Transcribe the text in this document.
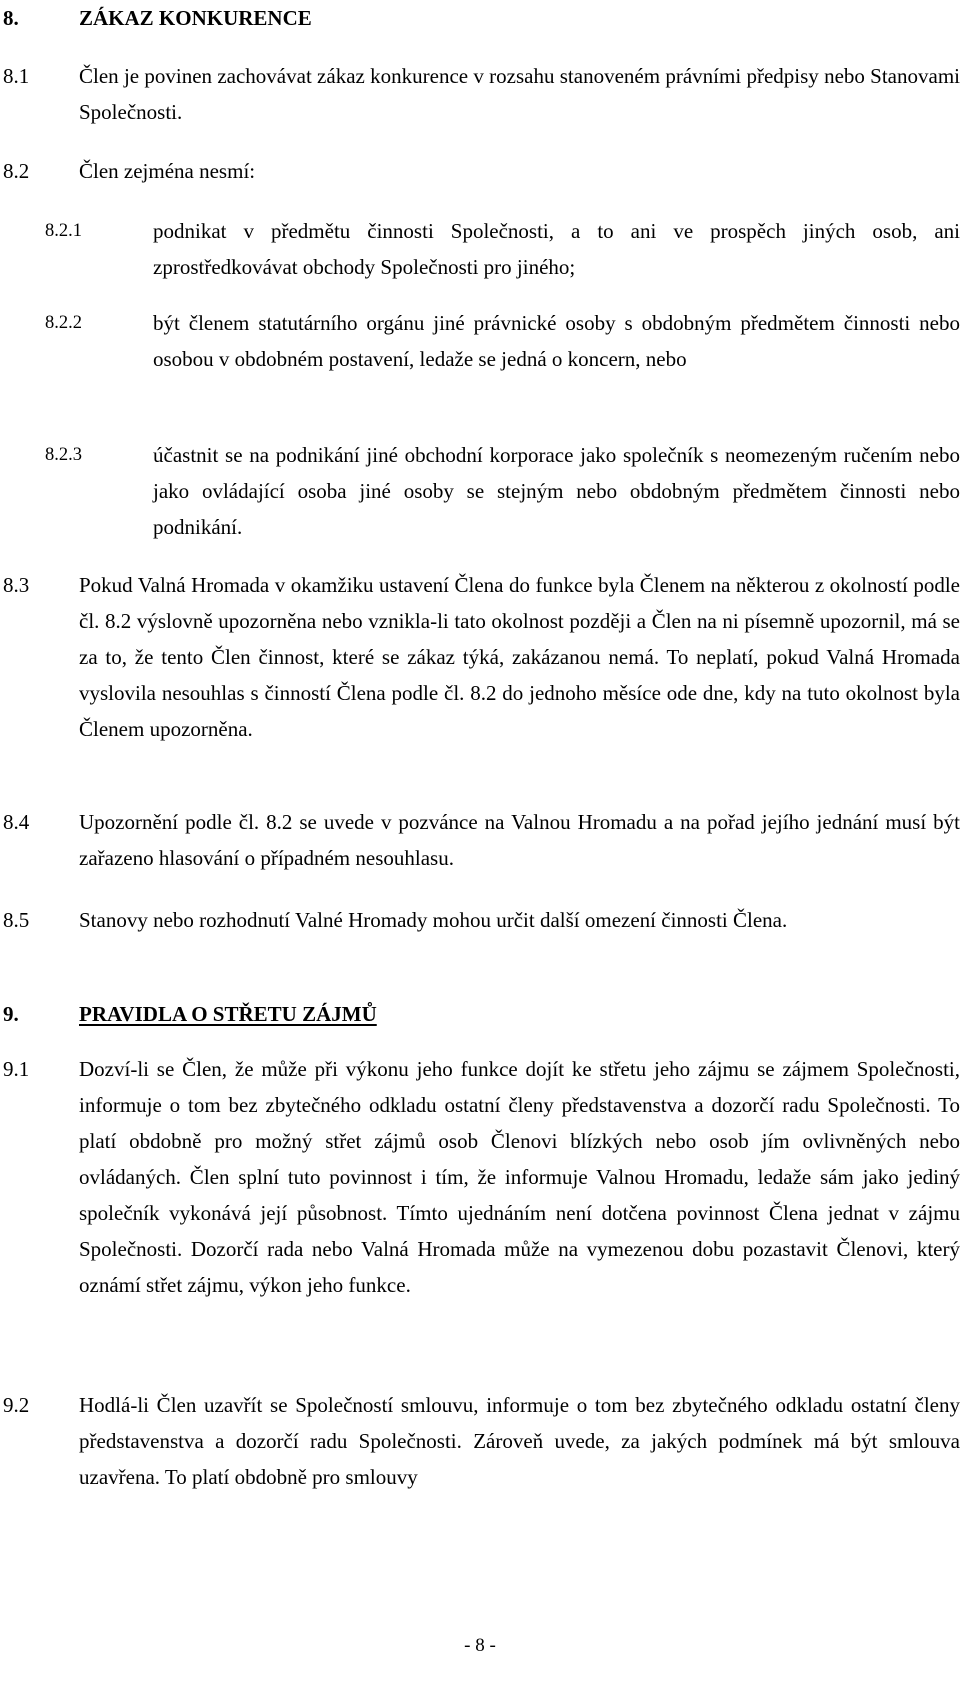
8.	ZÁKAZ KONKURENCE
8.1 Člen je povinen zachovávat zákaz konkurence v rozsahu stanoveném právními předpisy nebo Stanovami Společnosti.
8.2 Člen zejména nesmí:
8.2.1	podnikat v předmětu činnosti Společnosti, a to ani ve prospěch jiných osob, ani zprostředkovávat obchody Společnosti pro jiného;
8.2.2	být členem statutárního orgánu jiné právnické osoby s obdobným předmětem činnosti nebo osobou v obdobném postavení, ledaže se jedná o koncern, nebo
8.2.3	účastnit se na podnikání jiné obchodní korporace jako společník s neomezeným ručením nebo jako ovládající osoba jiné osoby se stejným nebo obdobným předmětem činnosti nebo podnikání.
8.3 Pokud Valná Hromada v okamžiku ustavení Člena do funkce byla Členem na některou z okolností podle čl. 8.2 výslovně upozorněna nebo vznikla-li tato okolnost později a Člen na ni písemně upozornil, má se za to, že tento Člen činnost, které se zákaz týká, zakázanou nemá. To neplatí, pokud Valná Hromada vyslovila nesouhlas s činností Člena podle čl. 8.2 do jednoho měsíce ode dne, kdy na tuto okolnost byla Členem upozorněna.
8.4 Upozornění podle čl. 8.2 se uvede v pozvánce na Valnou Hromadu a na pořad jejího jednání musí být zařazeno hlasování o případném nesouhlasu.
8.5 Stanovy nebo rozhodnutí Valné Hromady mohou určit další omezení činnosti Člena.
9.	PRAVIDLA O STŘETU ZÁJMŮ
9.1 Dozví-li se Člen, že může při výkonu jeho funkce dojít ke střetu jeho zájmu se zájmem Společnosti, informuje o tom bez zbytečného odkladu ostatní členy představenstva a dozorčí radu Společnosti. To platí obdobně pro možný střet zájmů osob Členovi blízkých nebo osob jím ovlivněných nebo ovládaných. Člen splní tuto povinnost i tím, že informuje Valnou Hromadu, ledaže sám jako jediný společník vykonává její působnost. Tímto ujednáním není dotčena povinnost Člena jednat v zájmu Společnosti. Dozorčí rada nebo Valná Hromada může na vymezenou dobu pozastavit Členovi, který oznámí střet zájmu, výkon jeho funkce.
9.2 Hodlá-li Člen uzavřít se Společností smlouvu, informuje o tom bez zbytečného odkladu ostatní členy představenstva a dozorčí radu Společnosti. Zároveň uvede, za jakých podmínek má být smlouva uzavřena. To platí obdobně pro smlouvy
- 8 -
